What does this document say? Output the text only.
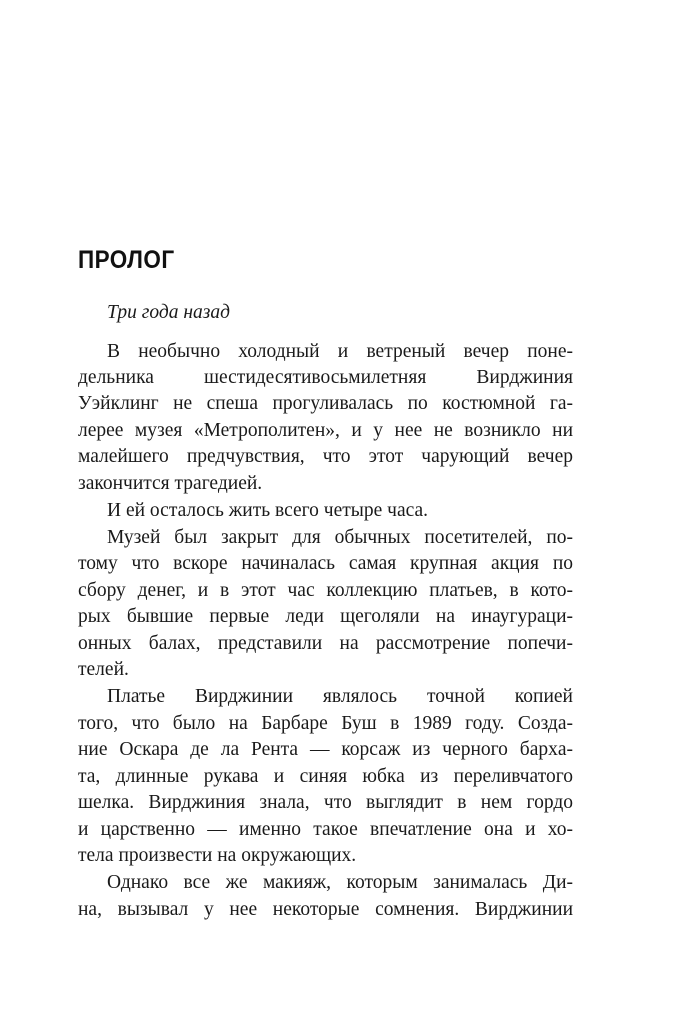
ПРОЛОГ

Три года назад

В необычно холодный и ветреный вечер поне-

дельника шестидесятивосьмилетняя Вирджиния

Уэйклинг не спеша прогуливалась по костюмной га-

лерее музея «Метрополитен», и у нее не возникло ни

малейшего предчувствия, что этот чарующий вечер

закончится трагедией.

И ей осталось жить всего четыре часа.

Музей был закрыт для обычных посетителей, по-

тому что вскоре начиналась самая крупная акция по

сбору денег, и в этот час коллекцию платьев, в кото-

рых бывшие первые леди щеголяли на инаугураци-

онных балах, представили на рассмотрение попечи-

телей.

Платье Вирджинии являлось точной копией

того, что было на Барбаре Буш в 1989 году. Созда-

ние Оскара де ла Рента — корсаж из черного бархa-

та, длинные рукава и синяя юбка из переливчатого

шелка. Вирджиния знала, что выглядит в нем гордо

и царственно — именно такое впечатление она и хо-

тела произвести на окружающих.

Однако все же макияж, которым занималась Ди-

на, вызывал у нее некоторые сомнения. Вирджинии
